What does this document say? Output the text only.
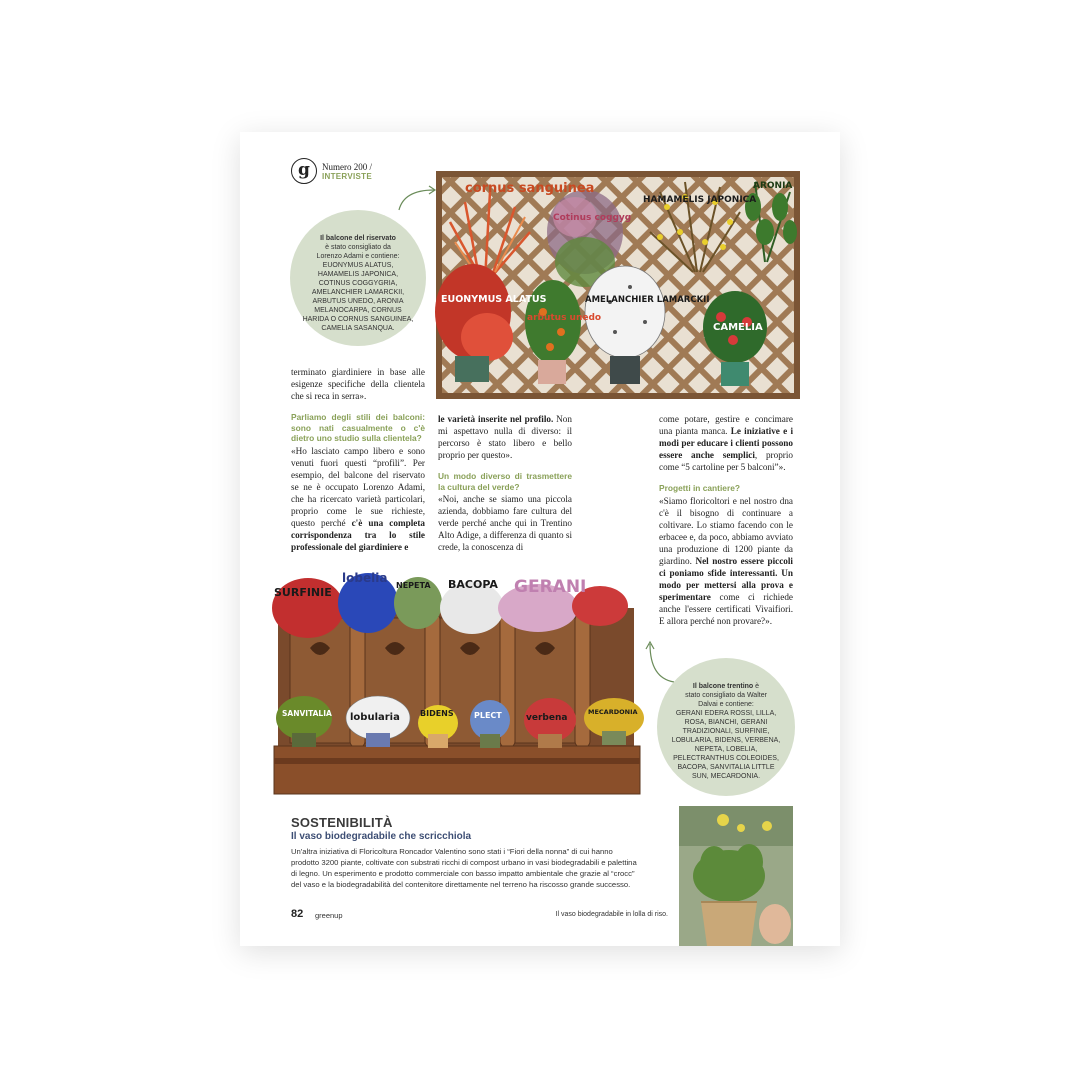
g	Numero 200 /
INTERVISTE
cornus sanguinea
Cotinus coggyg
HAMAMELIS JAPONICA
ARONIA
EUONYMUS ALATUS
arbutus unedo
AMELANCHIER LAMARCKII
CAMELIA
Il balcone del riservato
è stato consigliato da
Lorenzo Adami e contiene:
EUONYMUS ALATUS, HAMAMELIS JAPONICA, COTINUS COGGYGRIA, AMELANCHIER LAMARCKII, ARBUTUS UNEDO, ARONIA MELANOCARPA, CORNUS HARIDA O CORNUS SANGUINEA, CAMELIA SASANQUA.

terminato giardiniere in base alle esigenze specifiche della clientela che si reca in serra».

Parliamo degli stili dei balconi: sono nati casualmente o c'è dietro uno studio sulla clientela?

«Ho lasciato campo libero e sono venuti fuori questi “profili”. Per esempio, del balcone del riservato se ne è occupato Lorenzo Adami, che ha ricercato varietà particolari, proprio come le sue richieste, questo perché c'è una completa corrispondenza tra lo stile professionale del giardiniere e

le varietà inserite nel profilo. Non mi aspettavo nulla di diverso: il percorso è stato libero e bello proprio per questo».

Un modo diverso di trasmettere la cultura del verde?

«Noi, anche se siamo una piccola azienda, dobbiamo fare cultura del verde perché anche qui in Trentino Alto Adige, a differenza di quanto si crede, la conoscenza di

come potare, gestire e concimare una pianta manca. Le iniziative e i modi per educare i clienti possono essere anche semplici, proprio come “5 cartoline per 5 balconi”».

Progetti in cantiere?

«Siamo floricoltori e nel nostro dna c'è il bisogno di continuare a coltivare. Lo stiamo facendo con le erbacee e, da poco, abbiamo avviato una produzione di 1200 piante da giardino. Nel nostro essere piccoli ci poniamo sfide interessanti. Un modo per mettersi alla prova e sperimentare come ci richiede anche l'essere certificati Vivaifiori. E allora perché non provare?».

SURFINIE
lobelia
NEPETA BACOPA GERANI
SANVITALIA lobularia	BIDENS	PLECT	verbena
MECARDONIA
Il balcone trentino è
stato consigliato da Walter
Dalvai e contiene:
GERANI EDERA ROSSI, LILLA, ROSA, BIANCHI, GERANI TRADIZIONALI, SURFINIE, LOBULARIA, BIDENS, VERBENA, NEPETA, LOBELIA, PELECTRANTHUS COLEOIDES, BACOPA, SANVITALIA LITTLE SUN, MECARDONIA.
SOSTENIBILITÀ
Il vaso biodegradabile che scricchiola
Un'altra iniziativa di Floricoltura Roncador Valentino sono stati i “Fiori della nonna” di cui hanno prodotto 3200 piante, coltivate con substrati ricchi di compost urbano in vasi biodegradabili e palettina di legno. Un esperimento e prodotto commerciale con basso impatto ambientale che grazie al “crocc” del vaso e la biodegradabilità del contenitore direttamente nel terreno ha riscosso grande successo.
82 greenup	Il vaso biodegradabile in lolla di riso.
